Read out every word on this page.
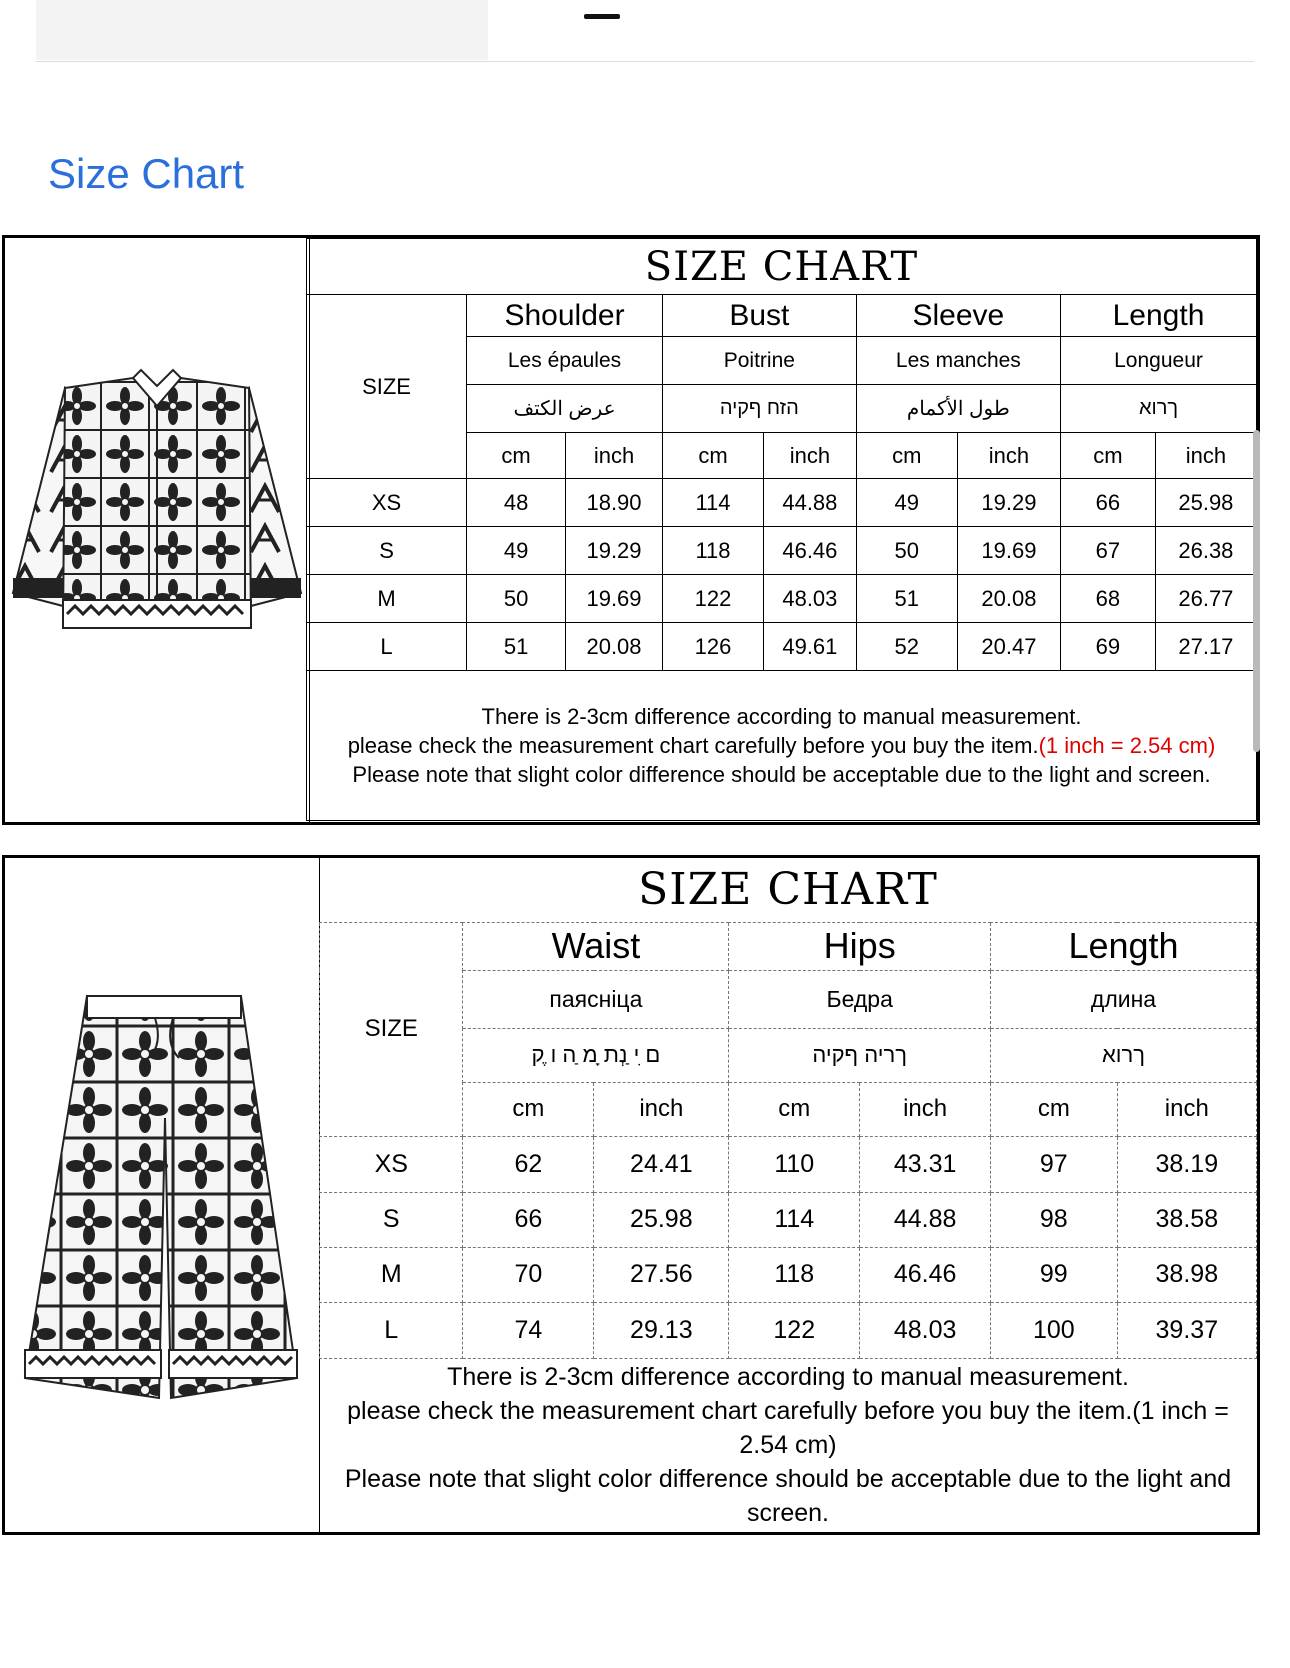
Size Chart
SIZE CHART								
SIZE	Shoulder		Bust		Sleeve		Length	
	Les épaules		Poitrine		Les manches		Longueur	
	عرض الكتف		הזח ףקיה		طول الأكمام		ךרוא	
	cm	inch	cm	inch	cm	inch	cm	inch
XS	48	18.90	114	44.88	49	19.29	66	25.98
S	49	19.29	118	46.46	50	19.69	67	26.38
M	50	19.69	122	48.03	51	20.08	68	26.77
L	51	20.08	126	49.61	52	20.47	69	27.17
There is 2-3cm difference according to manual measurement.
please check the measurement chart carefully before you buy the item.(1 inch = 2.54 cm)
Please note that slight color difference should be acceptable due to the light and screen.								
SIZE CHART						
SIZE	Waist		Hips		Length	
	паясніца		Бедра		длина	
	ם ִי ַנְת ָמ ַה ו ֶק		ךריה ףקיה		ךרוא	
	cm	inch	cm	inch	cm	inch
XS	62	24.41	110	43.31	97	38.19
S	66	25.98	114	44.88	98	38.58
M	70	27.56	118	46.46	99	38.98
L	74	29.13	122	48.03	100	39.37
There is 2-3cm difference according to manual measurement.
please check the measurement chart carefully before you buy the item.(1 inch = 2.54 cm)
Please note that slight color difference should be acceptable due to the light and screen.						
